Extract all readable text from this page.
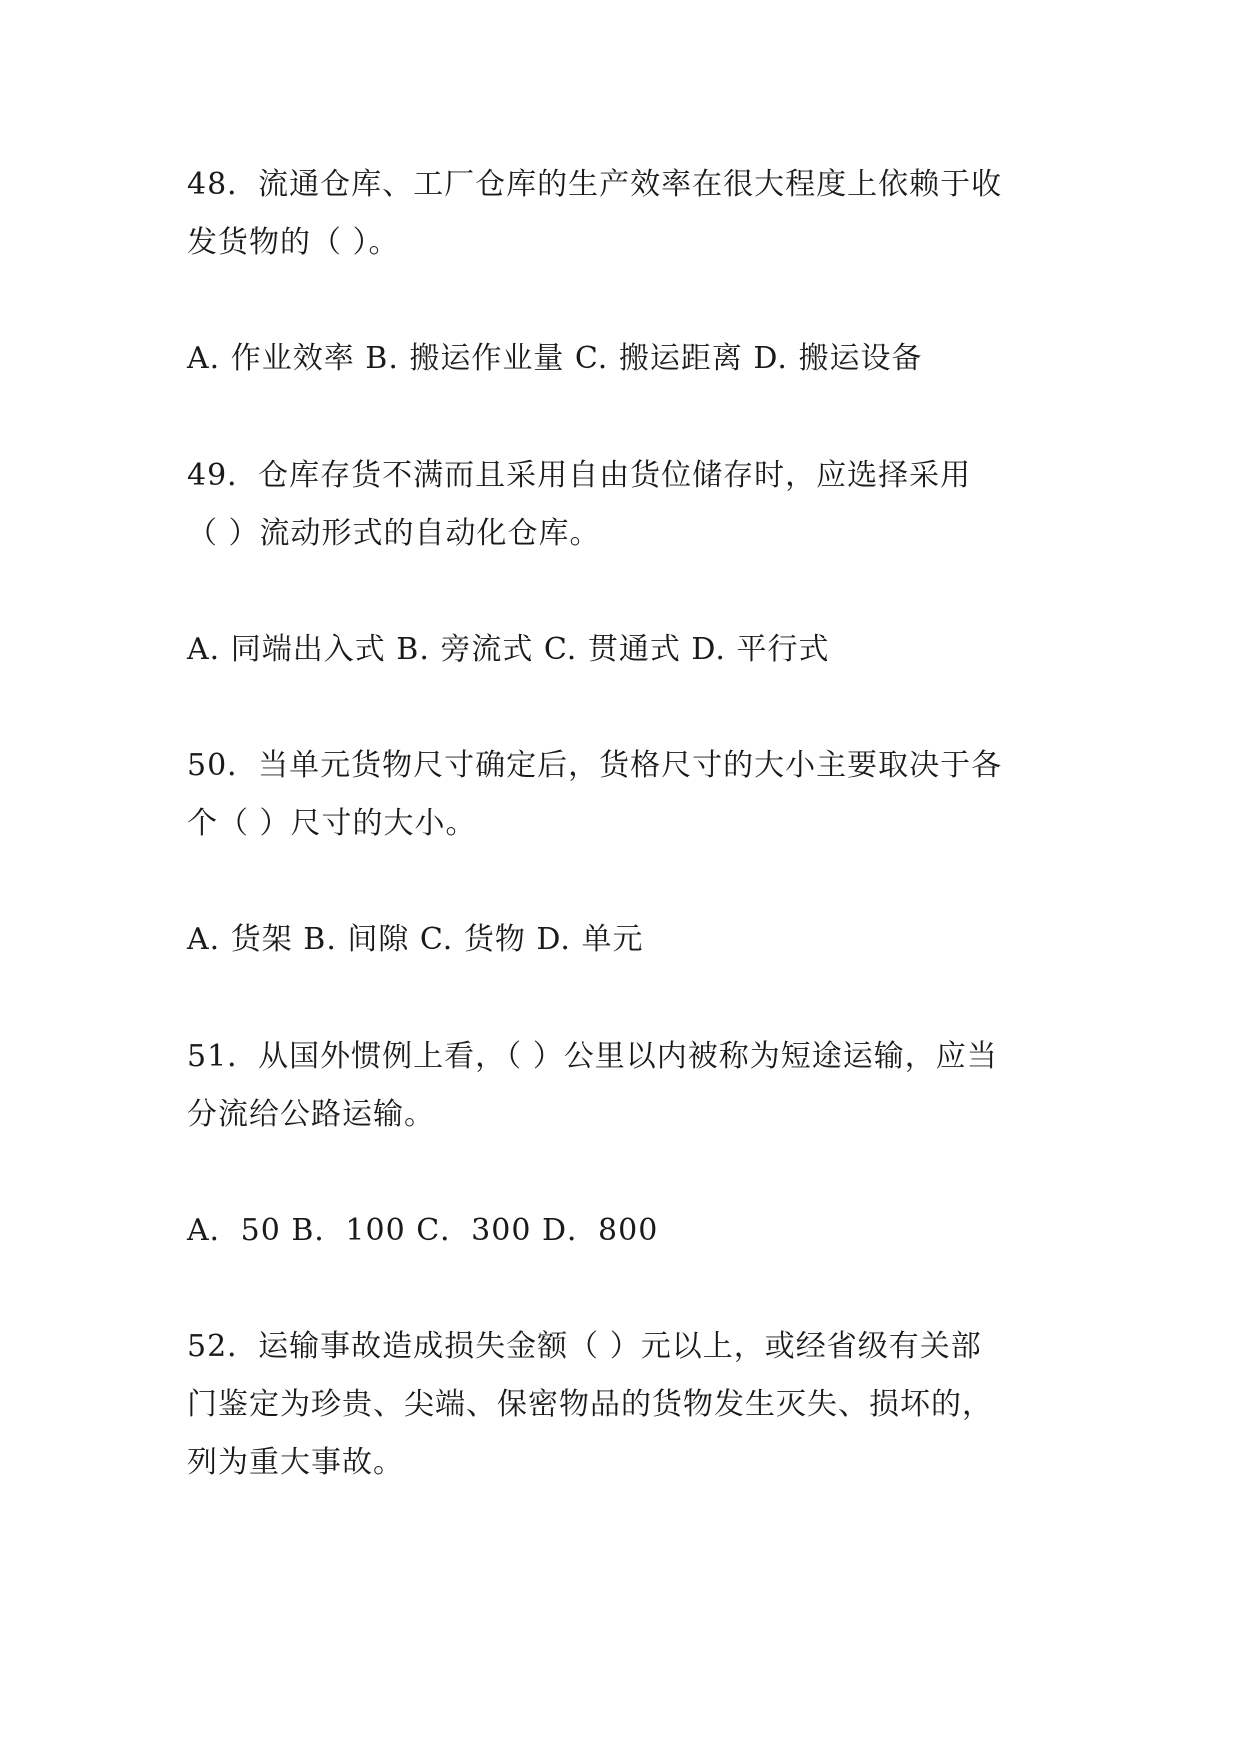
48．流通仓库、工厂仓库的生产效率在很大程度上依赖于收
发货物的（ ）。
A. 作业效率 B. 搬运作业量 C. 搬运距离 D. 搬运设备
49．仓库存货不满而且采用自由货位储存时，应选择采用
（ ）流动形式的自动化仓库。
A. 同端出入式 B. 旁流式 C. 贯通式 D. 平行式
50．当单元货物尺寸确定后，货格尺寸的大小主要取决于各
个（ ）尺寸的大小。
A. 货架 B. 间隙 C. 货物 D. 单元
51．从国外惯例上看，（ ）公里以内被称为短途运输，应当
分流给公路运输。
A．50 B．100 C．300 D．800
52．运输事故造成损失金额（ ）元以上，或经省级有关部
门鉴定为珍贵、尖端、保密物品的货物发生灭失、损坏的，
列为重大事故。
